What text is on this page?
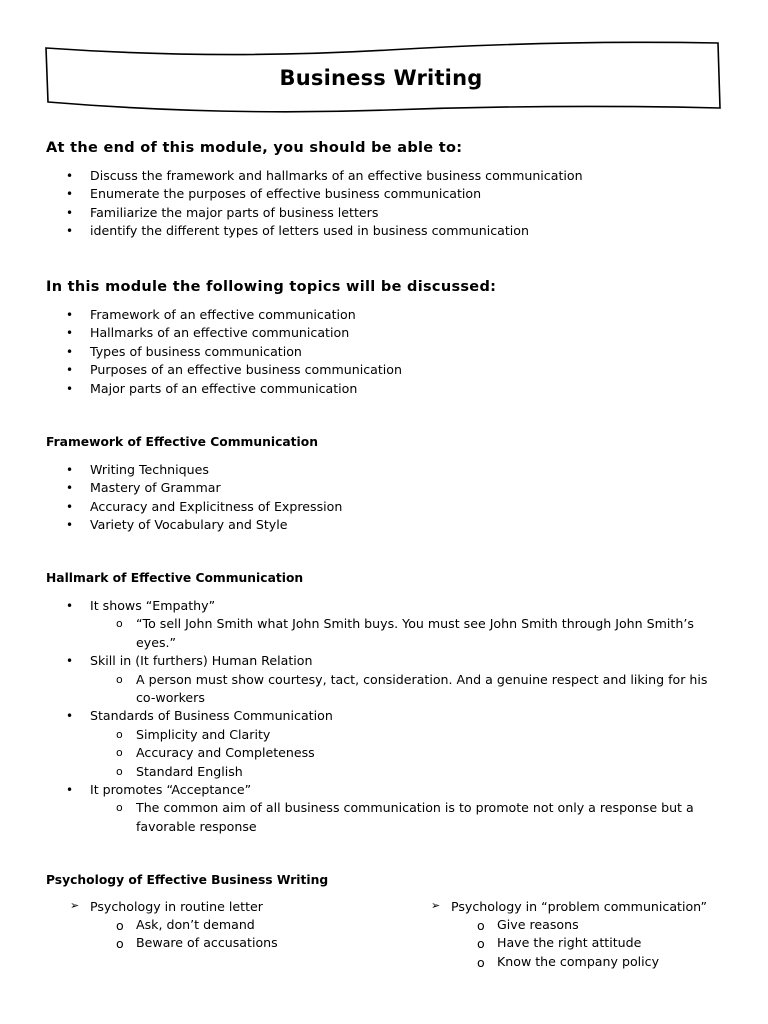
Business Writing
At the end of this module, you should be able to:
• Discuss the framework and hallmarks of an effective business communication
• Enumerate the purposes of effective business communication
• Familiarize the major parts of business letters
• identify the different types of letters used in business communication
In this module the following topics will be discussed:
• Framework of an effective communication
• Hallmarks of an effective communication
• Types of business communication
• Purposes of an effective business communication
• Major parts of an effective communication
Framework of Effective Communication
• Writing Techniques
• Mastery of Grammar
• Accuracy and Explicitness of Expression
• Variety of Vocabulary and Style
Hallmark of Effective Communication
• It shows “Empathy”
o “To sell John Smith what John Smith buys. You must see John Smith through John Smith’s eyes.”
• Skill in (It furthers) Human Relation
o A person must show courtesy, tact, consideration. And a genuine respect and liking for his co-workers
• Standards of Business Communication
o Simplicity and Clarity
o Accuracy and Completeness
o Standard English
• It promotes “Acceptance”
o The common aim of all business communication is to promote not only a response but a favorable response
Psychology of Effective Business Writing
➢ Psychology in routine letter
o Ask, don’t demand
o Beware of accusations
➢ Psychology in “problem communication”
o Give reasons
o Have the right attitude
o Know the company policy
